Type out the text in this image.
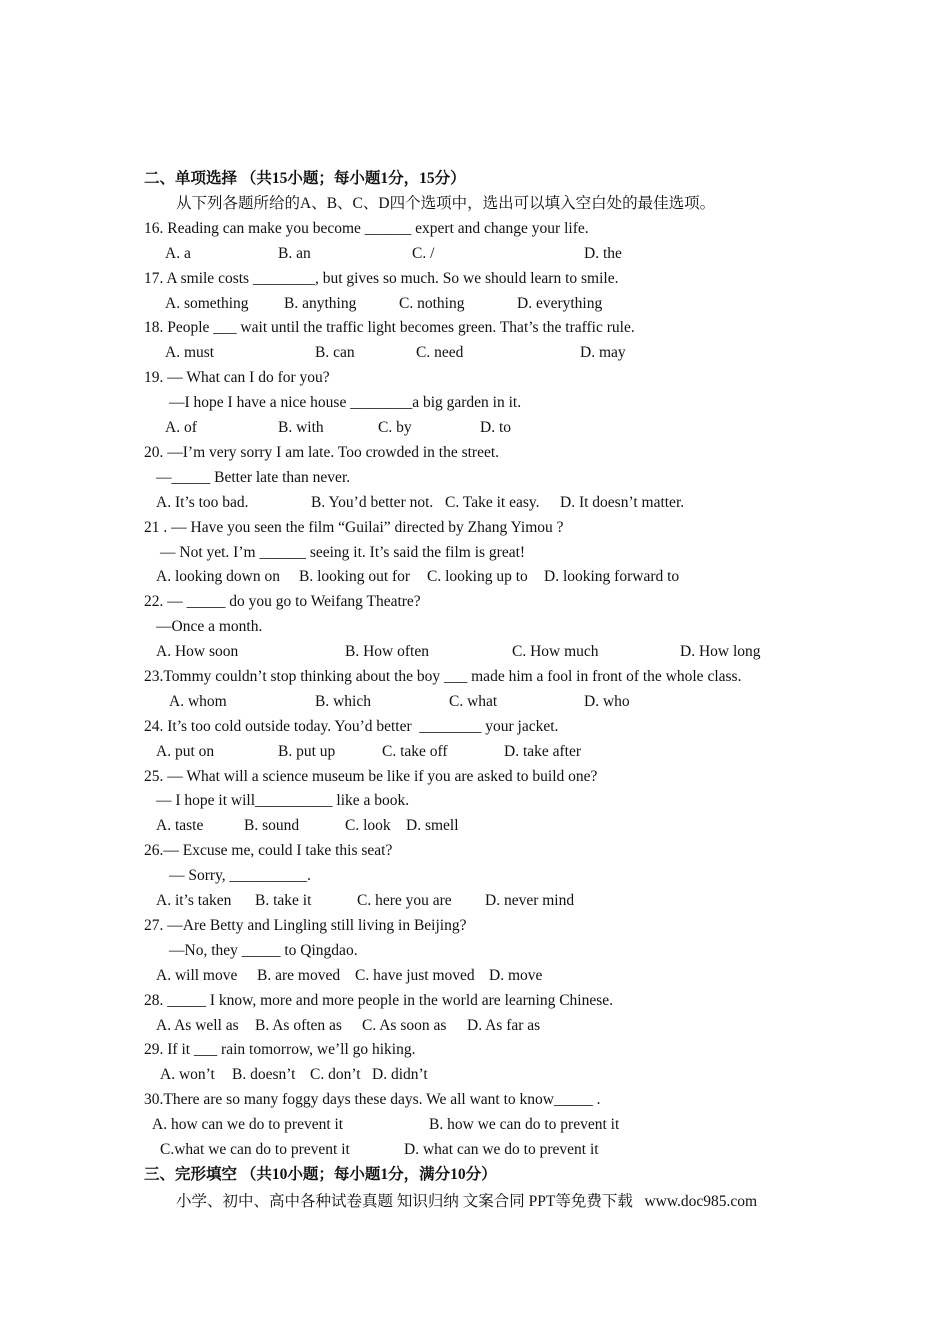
二、单项选择 （共15小题；每小题1分，15分）
从下列各题所给的A、B、C、D四个选项中，选出可以填入空白处的最佳选项。
16. Reading can make you become ______ expert and change your life.
A. a	B. an	C. /	D. the
17. A smile costs ________, but gives so much. So we should learn to smile.
A. something B. anything	C. nothing	D. everything
18. People ___ wait until the traffic light becomes green. That’s the traffic rule.
A. must	B. can	C. need	D. may
19. — What can I do for you?
—I hope I have a nice house ________a big garden in it.
A. of	B. with	C. by	D. to
20. —I’m very sorry I am late. Too crowded in the street.
—_____ Better late than never.
A. It’s too bad.	B. You’d better not. C. Take it easy. D. It doesn’t matter.
21 . — Have you seen the film “Guilai” directed by Zhang Yimou ?
— Not yet. I’m ______ seeing it. It’s said the film is great!
A. looking down on B. looking out for C. looking up to D. looking forward to
22. — _____ do you go to Weifang Theatre?
—Once a month.
A. How soon	B. How often	C. How much	D. How long
23.Tommy couldn’t stop thinking about the boy ___ made him a fool in front of the whole class.
A. whom	B. which	C. what	D. who
24. It’s too cold outside today. You’d better  ________ your jacket.
A. put on	B. put up	C. take off	D. take after
25. — What will a science museum be like if you are asked to build one?
— I hope it will__________ like a book.
A. taste	B. sound	C. look D. smell
26.— Excuse me, could I take this seat?
— Sorry, __________.
A. it’s taken B. take it	C. here you are D. never mind
27. —Are Betty and Lingling still living in Beijing?
—No, they _____ to Qingdao.
A. will move B. are moved C. have just moved D. move
28. _____ I know, more and more people in the world are learning Chinese.
A. As well as B. As often as C. As soon as D. As far as
29. If it ___ rain tomorrow, we’ll go hiking.
A. won’t B. doesn’t C. don’t D. didn’t
30.There are so many foggy days these days. We all want to know_____ .
A. how can we do to prevent it	B. how we can do to prevent it
C.what we can do to prevent it	D. what can we do to prevent it
三、完形填空 （共10小题；每小题1分，满分10分）
小学、初中、高中各种试卷真题 知识归纳 文案合同 PPT等免费下载   www.doc985.com
